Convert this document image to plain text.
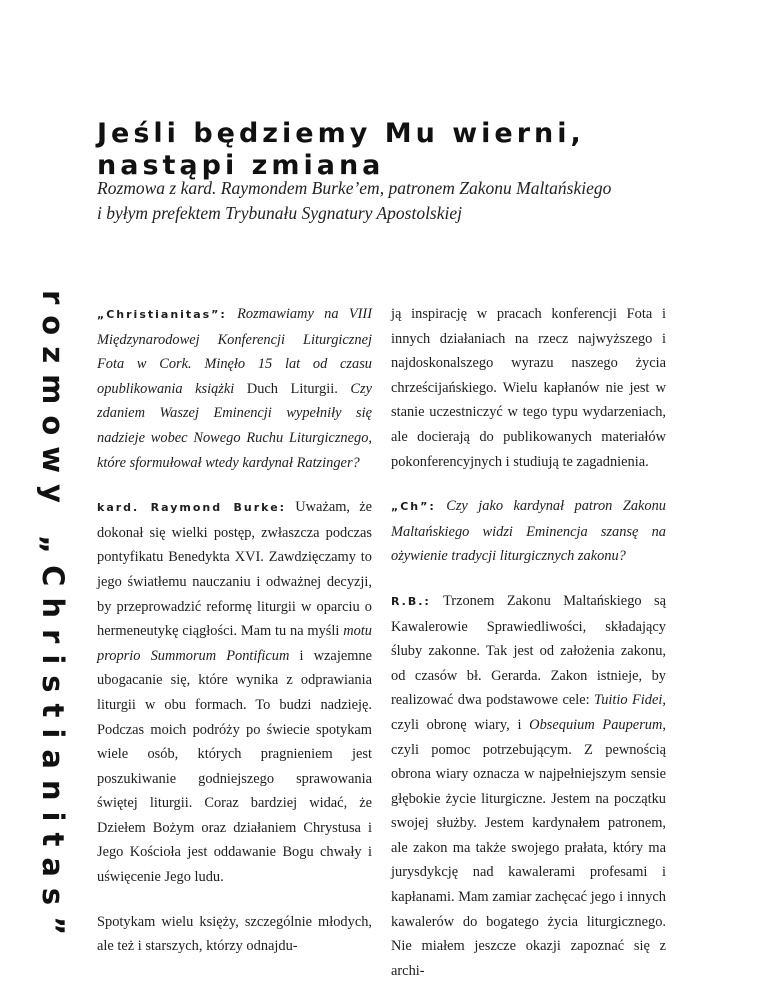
Jeśli będziemy Mu wierni, nastąpi zmiana
Rozmowa z kard. Raymondem Burke’em, patronem Zakonu Maltańskiego
i byłym prefektem Trybunału Sygnatury Apostolskiej
rozmowy „Christianitas” „Christianitas”: Rozmawiamy na VIII Międzynarodowej Konferencji Liturgicznej Fota w Cork. Minęło 15 lat od czasu opublikowania książki Duch Liturgii. Czy zdaniem Waszej Eminencji wypełniły się nadzieje wobec Nowego Ruchu Liturgicznego, które sformułował wtedy kardynał Ratzinger?

kard. Raymond Burke: Uważam, że dokonał się wielki postęp, zwłaszcza podczas pontyfikatu Benedykta XVI. Zawdzięczamy to jego światłemu nauczaniu i odważnej decyzji, by przeprowadzić reformę liturgii w oparciu o hermeneutykę ciągłości. Mam tu na myśli motu proprio Summorum Pontificum i wzajemne ubogacanie się, które wynika z odprawiania liturgii w obu formach. To budzi nadzieję. Podczas moich podróży po świecie spotykam wiele osób, których pragnieniem jest poszukiwanie godniejszego sprawowania świętej liturgii. Coraz bardziej widać, że Dziełem Bożym oraz działaniem Chrystusa i Jego Kościoła jest oddawanie Bogu chwały i uświęcenie Jego ludu.

Spotykam wielu księży, szczególnie młodych, ale też i starszych, którzy odnajdu-

ją inspirację w pracach konferencji Fota i innych działaniach na rzecz najwyższego i najdoskonalszego wyrazu naszego życia chrześcijańskiego. Wielu kapłanów nie jest w stanie uczestniczyć w tego typu wydarzeniach, ale docierają do publikowanych materiałów pokonferencyjnych i studiują te zagadnienia.

„Ch”: Czy jako kardynał patron Zakonu Maltańskiego widzi Eminencja szansę na ożywienie tradycji liturgicznych zakonu?

R.B.: Trzonem Zakonu Maltańskiego są Kawalerowie Sprawiedliwości, składający śluby zakonne. Tak jest od założenia zakonu, od czasów bł. Gerarda. Zakon istnieje, by realizować dwa podstawowe cele: Tuitio Fidei, czyli obronę wiary, i Obsequium Pauperum, czyli pomoc potrzebującym. Z pewnością obrona wiary oznacza w najpełniejszym sensie głębokie życie liturgiczne. Jestem na początku swojej służby. Jestem kardynałem patronem, ale zakon ma także swojego prałata, który ma jurysdykcję nad kawalerami profesami i kapłanami. Mam zamiar zachęcać jego i innych kawalerów do bogatego życia liturgicznego. Nie miałem jeszcze okazji zapoznać się z archi-
